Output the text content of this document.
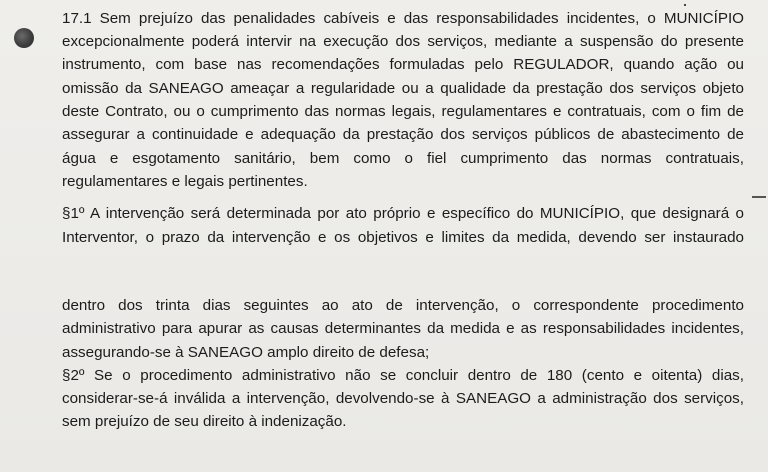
17.1 Sem prejuízo das penalidades cabíveis e das responsabilidades incidentes, o MUNICÍPIO
excepcionalmente poderá intervir na execução dos serviços, mediante a suspensão do presente
instrumento, com base nas recomendações formuladas pelo REGULADOR, quando ação ou
omissão da SANEAGO ameaçar a regularidade ou a qualidade da prestação dos serviços objeto
deste Contrato, ou o cumprimento das normas legais, regulamentares e contratuais, com o fim de
assegurar a continuidade e adequação da prestação dos serviços públicos de abastecimento de
água e esgotamento sanitário, bem como o fiel cumprimento das normas contratuais,
regulamentares e legais pertinentes.
§1º A intervenção será determinada por ato próprio e específico do MUNICÍPIO, que designará o
Interventor, o prazo da intervenção e os objetivos e limites da medida, devendo ser instaurado
dentro dos trinta dias seguintes ao ato de intervenção, o correspondente procedimento
administrativo para apurar as causas determinantes da medida e as responsabilidades incidentes,
assegurando-se à SANEAGO amplo direito de defesa;
§2º Se o procedimento administrativo não se concluir dentro de 180 (cento e oitenta) dias,
considerar-se-á inválida a intervenção, devolvendo-se à SANEAGO a administração dos serviços,
sem prejuízo de seu direito à indenização.
